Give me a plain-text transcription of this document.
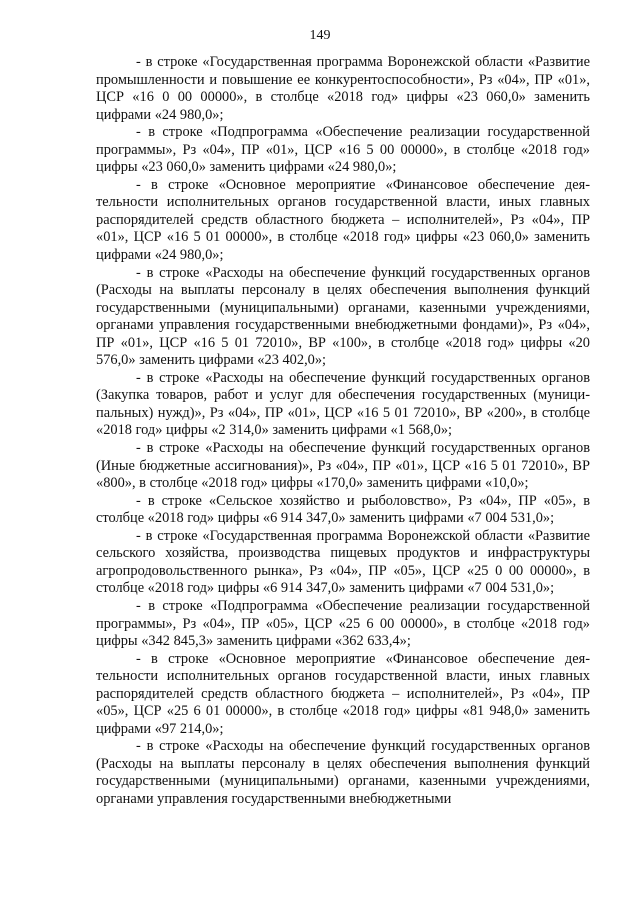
149

- в строке «Государственная программа Воронежской области «Развитие промышленности и повышение ее конкурентоспособности», Рз «04», ПР «01», ЦСР «16 0 00 00000», в столбце «2018 год» цифры «23 060,0» заменить цифрами «24 980,0»;

- в строке «Подпрограмма «Обеспечение реализации государственной программы», Рз «04», ПР «01», ЦСР «16 5 00 00000», в столбце «2018 год» цифры «23 060,0» заменить цифрами «24 980,0»;

- в строке «Основное мероприятие «Финансовое обеспечение деятельности исполнительных органов государственной власти, иных главных распорядителей средств областного бюджета – исполнителей», Рз «04», ПР «01», ЦСР «16 5 01 00000», в столбце «2018 год» цифры «23 060,0» заменить цифрами «24 980,0»;

- в строке «Расходы на обеспечение функций государственных органов (Расходы на выплаты персоналу в целях обеспечения выполнения функций государственными (муниципальными) органами, казенными учреждениями, органами управления государственными внебюджетными фондами)», Рз «04», ПР «01», ЦСР «16 5 01 72010», ВР «100», в столбце «2018 год» цифры «20 576,0» заменить цифрами «23 402,0»;

- в строке «Расходы на обеспечение функций государственных органов (Закупка товаров, работ и услуг для обеспечения государственных (муниципальных) нужд)», Рз «04», ПР «01», ЦСР «16 5 01 72010», ВР «200», в столбце «2018 год» цифры «2 314,0» заменить цифрами «1 568,0»;

- в строке «Расходы на обеспечение функций государственных органов (Иные бюджетные ассигнования)», Рз «04», ПР «01», ЦСР «16 5 01 72010», ВР «800», в столбце «2018 год» цифры «170,0» заменить цифрами «10,0»;

- в строке «Сельское хозяйство и рыболовство», Рз «04», ПР «05», в столбце «2018 год» цифры «6 914 347,0» заменить цифрами «7 004 531,0»;

- в строке «Государственная программа Воронежской области «Развитие сельского хозяйства, производства пищевых продуктов и инфраструктуры агропродовольственного рынка», Рз «04», ПР «05», ЦСР «25 0 00 00000», в столбце «2018 год» цифры «6 914 347,0» заменить цифрами «7 004 531,0»;

- в строке «Подпрограмма «Обеспечение реализации государственной программы», Рз «04», ПР «05», ЦСР «25 6 00 00000», в столбце «2018 год» цифры «342 845,3» заменить цифрами «362 633,4»;

- в строке «Основное мероприятие «Финансовое обеспечение деятельности исполнительных органов государственной власти, иных главных распорядителей средств областного бюджета – исполнителей», Рз «04», ПР «05», ЦСР «25 6 01 00000», в столбце «2018 год» цифры «81 948,0» заменить цифрами «97 214,0»;

- в строке «Расходы на обеспечение функций государственных органов (Расходы на выплаты персоналу в целях обеспечения выполнения функций государственными (муниципальными) органами, казенными учреждениями, органами управления государственными внебюджетными
